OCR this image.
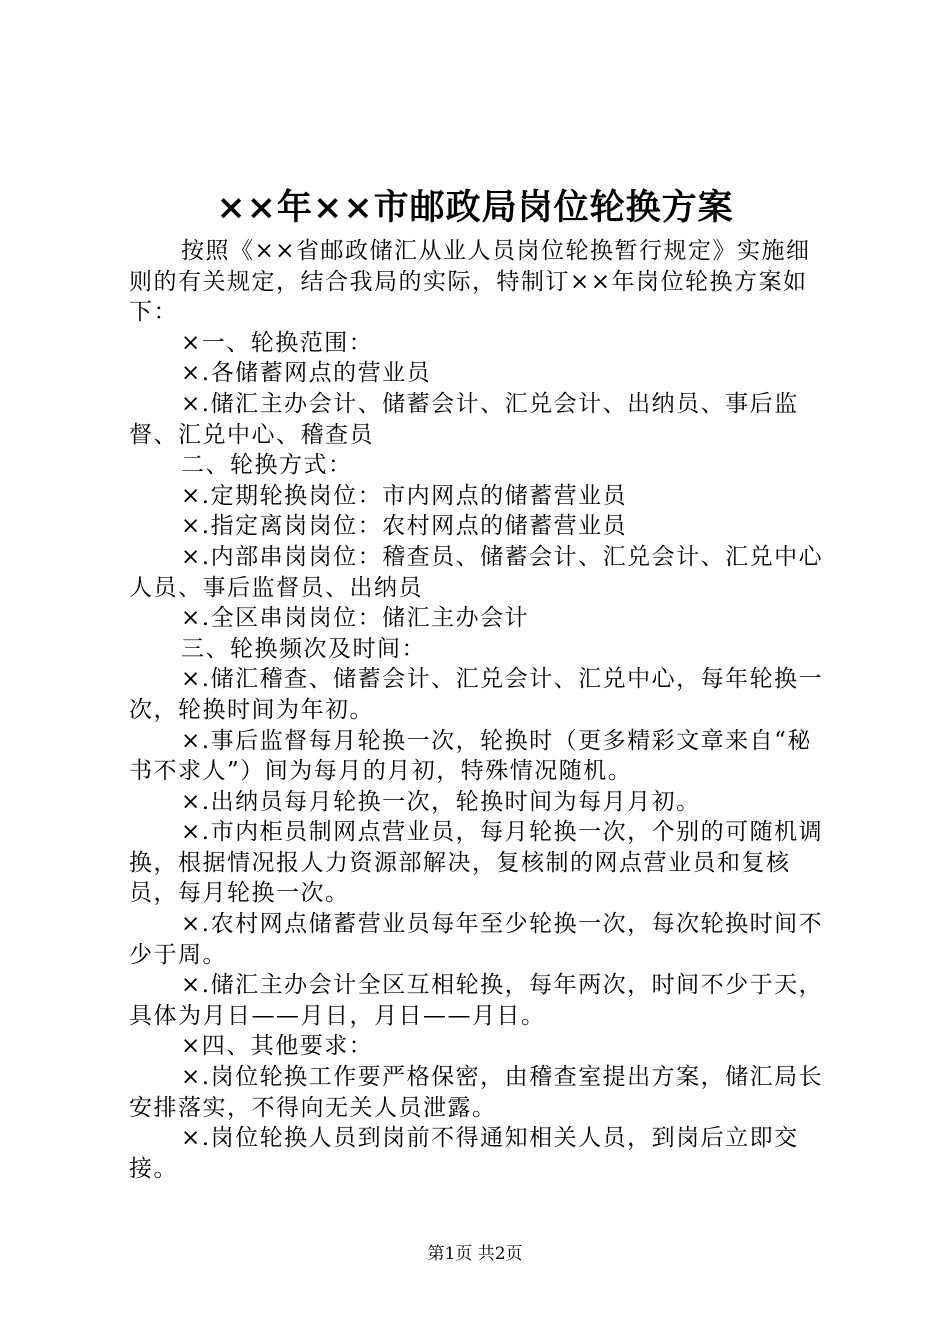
××年××市邮政局岗位轮换方案

按照《××省邮政储汇从业人员岗位轮换暂行规定》实施细则的有关规定，结合我局的实际，特制订××年岗位轮换方案如下：

×一、轮换范围：

×.各储蓄网点的营业员

×.储汇主办会计、储蓄会计、汇兑会计、出纳员、事后监督、汇兑中心、稽查员

二、轮换方式：

×.定期轮换岗位：市内网点的储蓄营业员

×.指定离岗岗位：农村网点的储蓄营业员

×.内部串岗岗位：稽查员、储蓄会计、汇兑会计、汇兑中心人员、事后监督员、出纳员

×.全区串岗岗位：储汇主办会计

三、轮换频次及时间：

×.储汇稽查、储蓄会计、汇兑会计、汇兑中心，每年轮换一次，轮换时间为年初。

×.事后监督每月轮换一次，轮换时（更多精彩文章来自“秘书不求人”）间为每月的月初，特殊情况随机。

×.出纳员每月轮换一次，轮换时间为每月月初。

×.市内柜员制网点营业员，每月轮换一次，个别的可随机调换，根据情况报人力资源部解决，复核制的网点营业员和复核员，每月轮换一次。

×.农村网点储蓄营业员每年至少轮换一次，每次轮换时间不少于周。

×.储汇主办会计全区互相轮换，每年两次，时间不少于天，具体为月日——月日，月日——月日。

×四、其他要求：

×.岗位轮换工作要严格保密，由稽查室提出方案，储汇局长安排落实，不得向无关人员泄露。

×.岗位轮换人员到岗前不得通知相关人员，到岗后立即交接。

第1页 共2页
